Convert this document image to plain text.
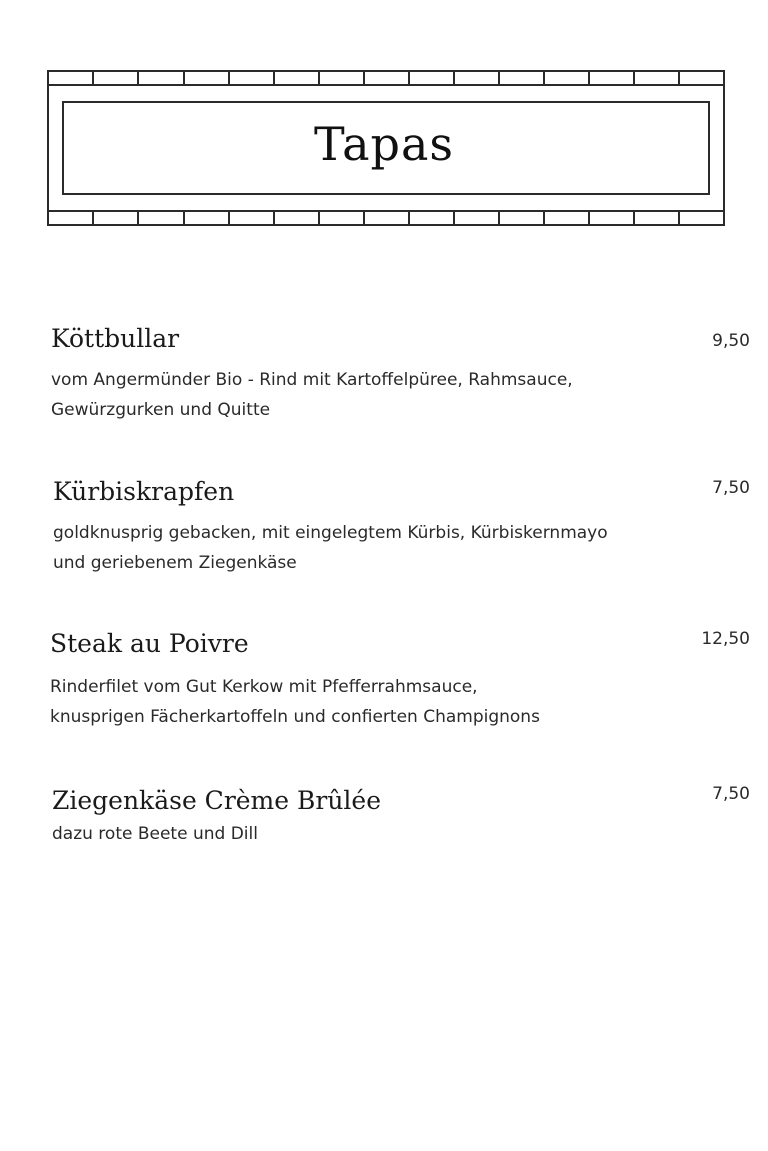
Tapas
Köttbullar	9,50
vom Angermünder Bio - Rind mit Kartoffelpüree, Rahmsauce,
Gewürzgurken und Quitte
Kürbiskrapfen	7,50
goldknusprig gebacken, mit eingelegtem Kürbis, Kürbiskernmayo
und geriebenem Ziegenkäse
Steak au Poivre	12,50
Rinderfilet vom Gut Kerkow mit Pfefferrahmsauce,
knusprigen Fächerkartoffeln und confierten Champignons
Ziegenkäse Crème Brûlée	7,50
dazu rote Beete und Dill
